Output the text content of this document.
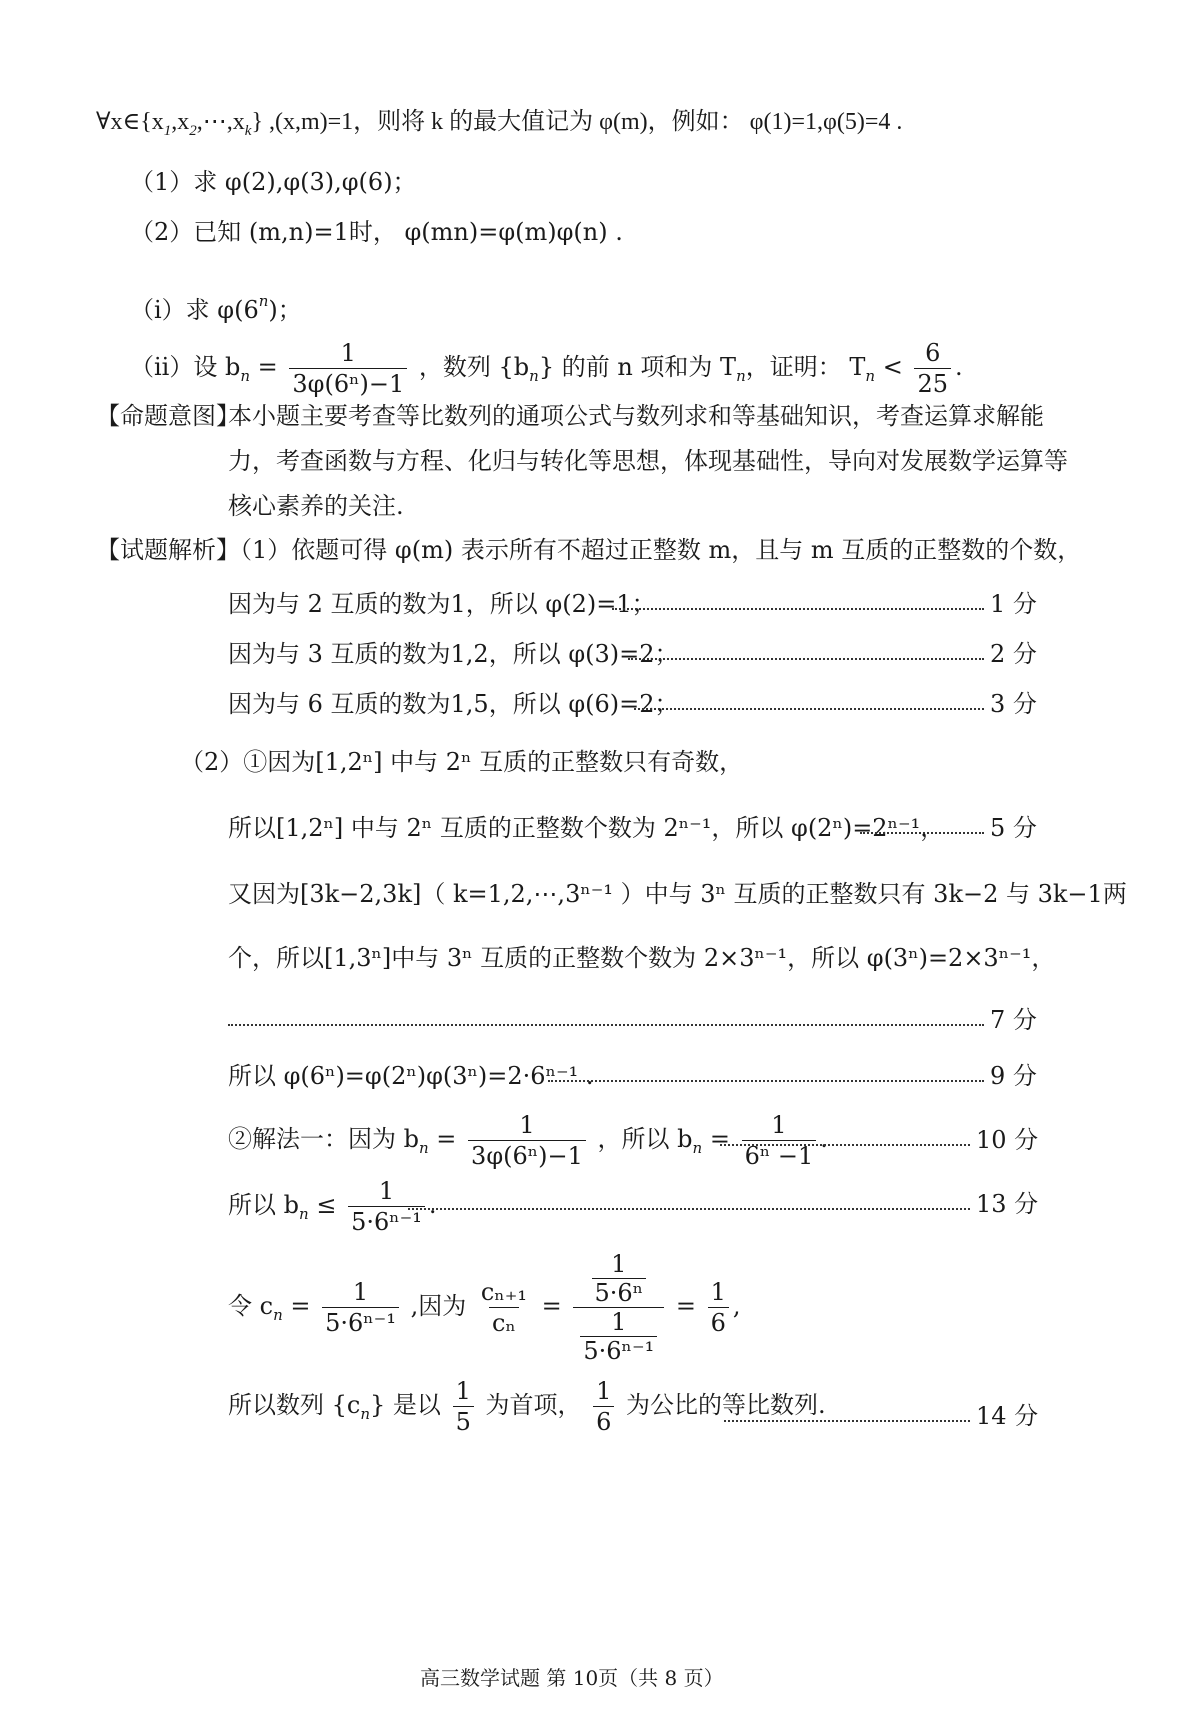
$\forall x\in\{x_1,x_2,\cdots,x_k\}$ ,(x,m)=1，则将 k 的最大值记为 φ(m)，例如： φ(1)=1,φ(5)=4 .
（1）求 φ(2),φ(3),φ(6)；
（2）已知 (m,n)=1时， φ(mn)=φ(m)φ(n) .
（i）求 φ(6$^n$)；
（ii）设 $b_n = \frac{1}{\text{3φ(6ⁿ)−1}}$ ，数列 $\{b_n\}$ 的前 n 项和为 $T_n$，证明： $T_n < \frac{6}{25}$ .
【命题意图】
本小题主要考查等比数列的通项公式与数列求和等基础知识，考查运算求解能
力，考查函数与方程、化归与转化等思想，体现基础性，导向对发展数学运算等
核心素养的关注.
【试题解析】
（1）依题可得 φ(m) 表示所有不超过正整数 m，且与 m 互质的正整数的个数，
因为与 2 互质的数为1，所以 φ(2)=1；	1 分
因为与 3 互质的数为1,2，所以 φ(3)=2；	2 分
因为与 6 互质的数为1,5，所以 φ(6)=2；	3 分
（2）①因为[1,2ⁿ] 中与 2ⁿ 互质的正整数只有奇数，
所以[1,2ⁿ] 中与 2ⁿ 互质的正整数个数为 2ⁿ⁻¹，所以 φ(2ⁿ)=2ⁿ⁻¹， 5 分
又因为[3k−2,3k]（ k=1,2,⋯,3ⁿ⁻¹ ）中与 3ⁿ 互质的正整数只有 3k−2 与 3k−1两
个，所以[1,3ⁿ]中与 3ⁿ 互质的正整数个数为 2×3ⁿ⁻¹，所以 φ(3ⁿ)=2×3ⁿ⁻¹，
7 分
所以 φ(6ⁿ)=φ(2ⁿ)φ(3ⁿ)=2·6ⁿ⁻¹ .	9 分
②解法一：因为 $b_n = \frac{1}{\text{3φ(6ⁿ)−1}}$ ，所以 $b_n = \frac{1}{\text{6ⁿ −1}}$ .	10 分
所以 $b_n \le \frac{1}{\text{5·6ⁿ⁻¹}}$ .	13 分
令 $c_n = \frac{1}{\text{5·6ⁿ⁻¹}}$ ,因为 $\frac{\text{cₙ₊₁}}{\text{cₙ}} = \frac{\frac{1}{\text{5·6ⁿ}}}{\frac{1}{\text{5·6ⁿ⁻¹}}} = \frac{1}{6}$ ,
所以数列 $\{c_n\}$ 是以 $\frac{1}{5}$ 为首项， $\frac{1}{6}$ 为公比的等比数列.	14 分
高三数学试题 第 10页（共 8 页）
